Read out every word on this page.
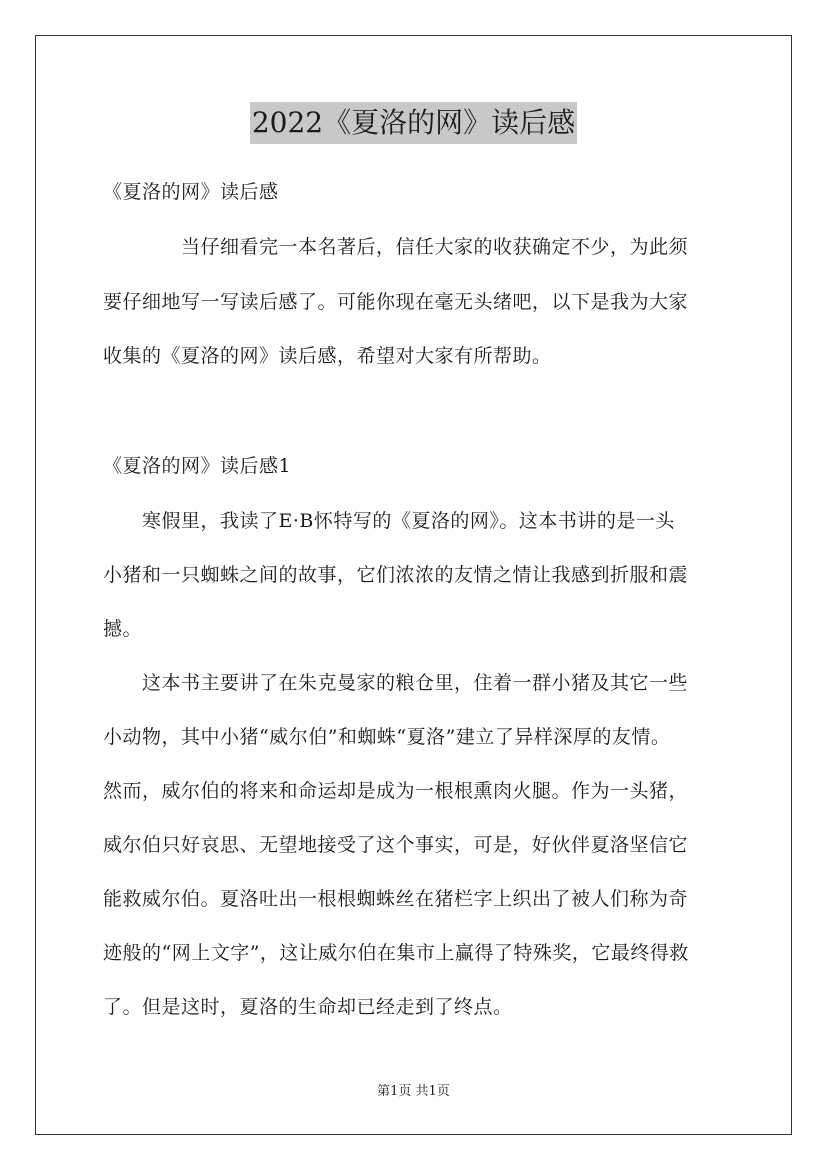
2022《夏洛的网》读后感
《夏洛的网》读后感
当仔细看完一本名著后，信任大家的收获确定不少，为此须
要仔细地写一写读后感了。可能你现在毫无头绪吧，以下是我为大家
收集的《夏洛的网》读后感，希望对大家有所帮助。
《夏洛的网》读后感1
寒假里，我读了E·B怀特写的《夏洛的网》。这本书讲的是一头
小猪和一只蜘蛛之间的故事，它们浓浓的友情之情让我感到折服和震
撼。
这本书主要讲了在朱克曼家的粮仓里，住着一群小猪及其它一些
小动物，其中小猪“威尔伯”和蜘蛛“夏洛”建立了异样深厚的友情。
然而，威尔伯的将来和命运却是成为一根根熏肉火腿。作为一头猪，
威尔伯只好哀思、无望地接受了这个事实，可是，好伙伴夏洛坚信它
能救威尔伯。夏洛吐出一根根蜘蛛丝在猪栏字上织出了被人们称为奇
迹般的“网上文字”，这让威尔伯在集市上赢得了特殊奖，它最终得救
了。但是这时，夏洛的生命却已经走到了终点。
第1页 共1页
